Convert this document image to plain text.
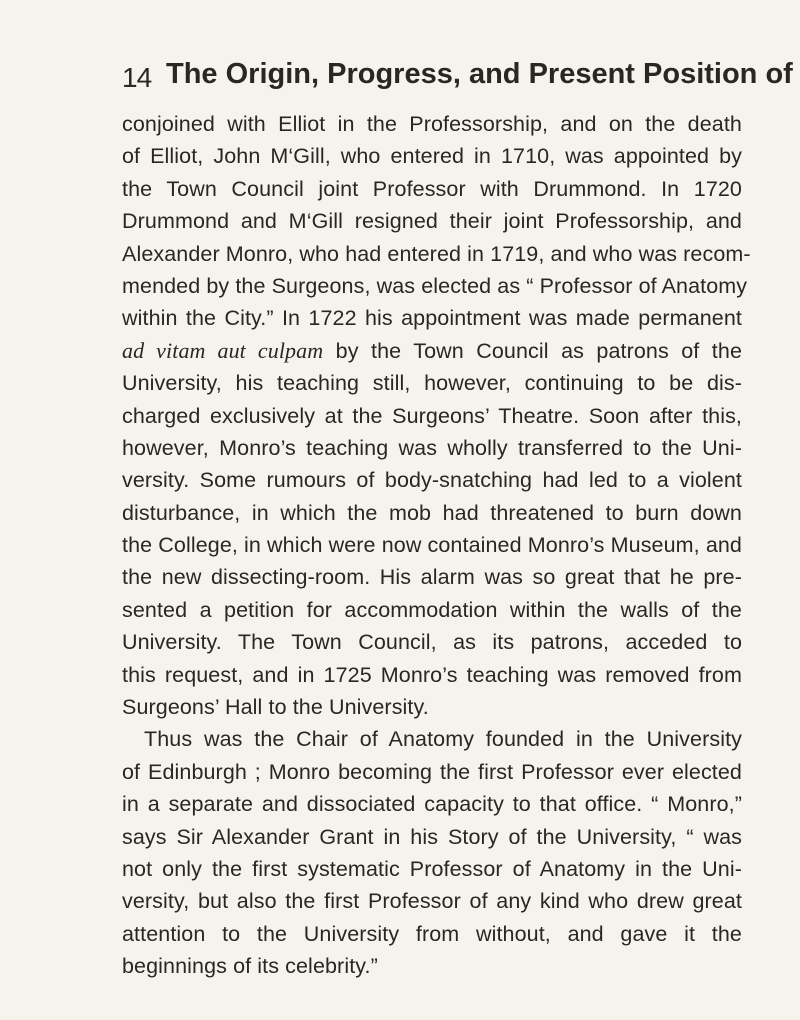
14 The Origin, Progress, and Present Position of
conjoined with Elliot in the Professorship, and on the death
of Elliot, John M‘Gill, who entered in 1710, was appointed by
the Town Council joint Professor with Drummond. In 1720
Drummond and M‘Gill resigned their joint Professorship, and
Alexander Monro, who had entered in 1719, and who was recom-
mended by the Surgeons, was elected as “ Professor of Anatomy
within the City.” In 1722 his appointment was made permanent
ad vitam aut culpam by the Town Council as patrons of the
University, his teaching still, however, continuing to be dis-
charged exclusively at the Surgeons’ Theatre. Soon after this,
however, Monro’s teaching was wholly transferred to the Uni-
versity. Some rumours of body-snatching had led to a violent
disturbance, in which the mob had threatened to burn down
the College, in which were now contained Monro’s Museum, and
the new dissecting-room. His alarm was so great that he pre-
sented a petition for accommodation within the walls of the
University. The Town Council, as its patrons, acceded to
this request, and in 1725 Monro’s teaching was removed from
Surgeons’ Hall to the University.
Thus was the Chair of Anatomy founded in the University
of Edinburgh ; Monro becoming the first Professor ever elected
in a separate and dissociated capacity to that office. “ Monro,”
says Sir Alexander Grant in his Story of the University, “ was
not only the first systematic Professor of Anatomy in the Uni-
versity, but also the first Professor of any kind who drew great
attention to the University from without, and gave it the
beginnings of its celebrity.”
